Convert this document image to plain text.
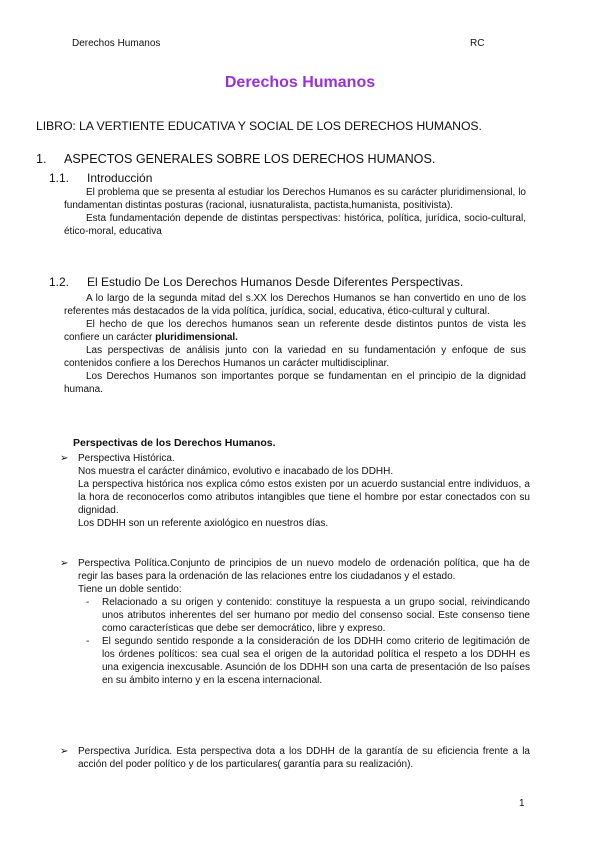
Derechos Humanos	RC
Derechos Humanos
LIBRO: LA VERTIENTE EDUCATIVA Y SOCIAL DE LOS DERECHOS HUMANOS.
1. ASPECTOS GENERALES SOBRE LOS DERECHOS HUMANOS.
1.1. Introducción

El problema que se presenta al estudiar los Derechos Humanos es su carácter pluridimensional, lo fundamentan distintas posturas (racional, iusnaturalista, pactista,humanista, positivista).

Esta fundamentación depende de distintas perspectivas: histórica, política, jurídica, socio-cultural, ético-moral, educativa

1.2. El Estudio De Los Derechos Humanos Desde Diferentes Perspectivas.

A lo largo de la segunda mitad del s.XX los Derechos Humanos se han convertido en uno de los referentes más destacados de la vida política, jurídica, social, educativa, ético-cultural y cultural.

El hecho de que los derechos humanos sean un referente desde distintos puntos de vista les confiere un carácter pluridimensional.

Las perspectivas de análisis junto con la variedad en su fundamentación y enfoque de sus contenidos confiere a los Derechos Humanos un carácter multidisciplinar.

Los Derechos Humanos son importantes porque se fundamentan en el principio de la dignidad humana.

Perspectivas de los Derechos Humanos.
➢ Perspectiva Histórica.

Nos muestra el carácter dinámico, evolutivo e inacabado de los DDHH.

La perspectiva histórica nos explica cómo estos existen por un acuerdo sustancial entre individuos, a la hora de reconocerlos como atributos intangibles que tiene el hombre por estar conectados con su dignidad.

Los DDHH son un referente axiológico en nuestros días.

➢ Perspectiva Política.Conjunto de principios de un nuevo modelo de ordenación política, que ha de regir las bases para la ordenación de las relaciones entre los ciudadanos y el estado.

Tiene un doble sentido:

- Relacionado a su origen y contenido: constituye la respuesta a un grupo social, reivindicando unos atributos inherentes del ser humano por medio del consenso social. Este consenso tiene como características que debe ser democrático, libre y expreso.

- El segundo sentido responde a la consideración de los DDHH como criterio de legitimación de los órdenes políticos: sea cual sea el origen de la autoridad política el respeto a los DDHH es una exigencia inexcusable. Asunción de los DDHH son una carta de presentación de lso países en su ámbito interno y en la escena internacional.

➢ Perspectiva Jurídica. Esta perspectiva dota a los DDHH de la garantía de su eficiencia frente a la acción del poder político y de los particulares( garantía para su realización).

1
